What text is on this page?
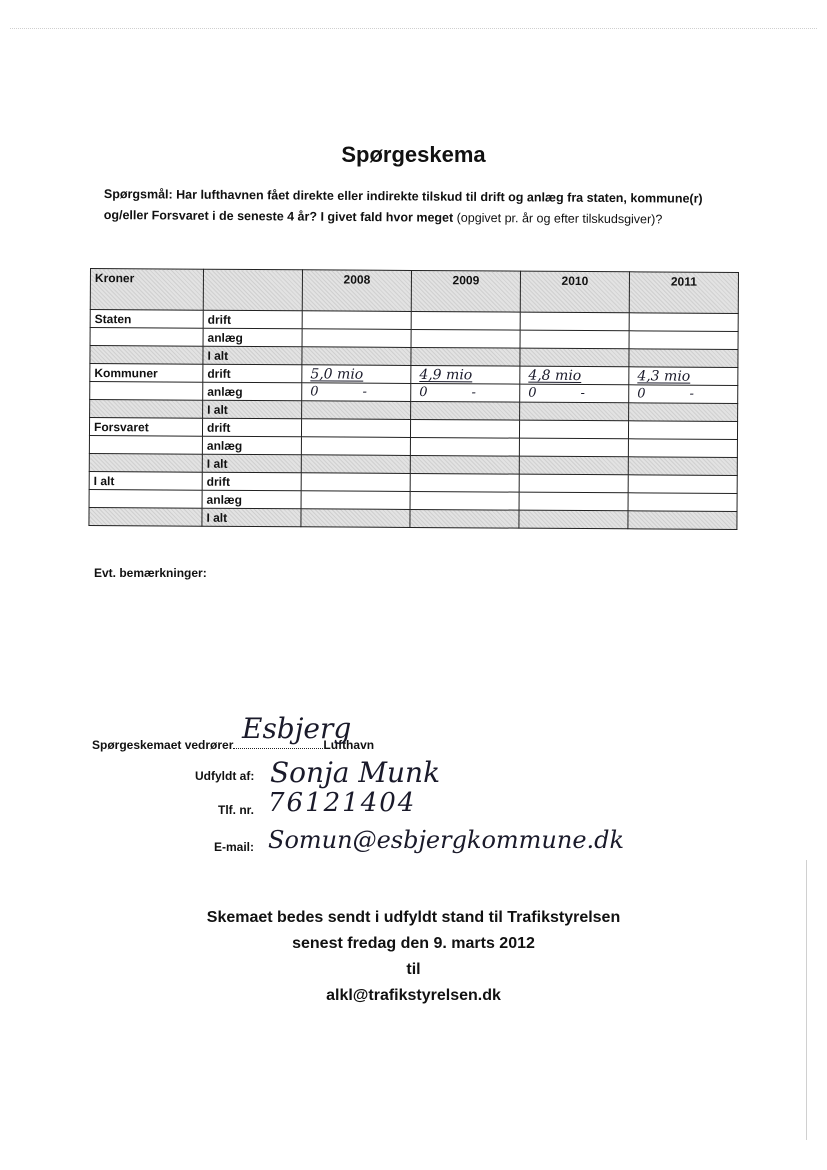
Spørgeskema
Spørgsmål: Har lufthavnen fået direkte eller indirekte tilskud til drift og anlæg fra staten, kommune(r) og/eller Forsvaret i de seneste 4 år? I givet fald hvor meget (opgivet pr. år og efter tilskudsgiver)?
Kroner		2008	2009	2010	2011
Staten	drift				
	anlæg				
	I alt				
Kommuner	drift	5,0 mio	4,9 mio	4,8 mio	4,3 mio
	anlæg	0 -	0 -	0 -	0 -
	I alt				
Forsvaret	drift				
	anlæg				
	I alt				
I alt	drift				
	anlæg				
	I alt				
Evt. bemærkninger:
Spørgeskemaet vedrører	Lufthavn
Esbjerg
Udfyldt af: Sonja Munk
Tlf. nr. 76121404
E-mail: Somun@esbjergkommune.dk
Skemaet bedes sendt i udfyldt stand til Trafikstyrelsen
senest fredag den 9. marts 2012
til
alkl@trafikstyrelsen.dk
